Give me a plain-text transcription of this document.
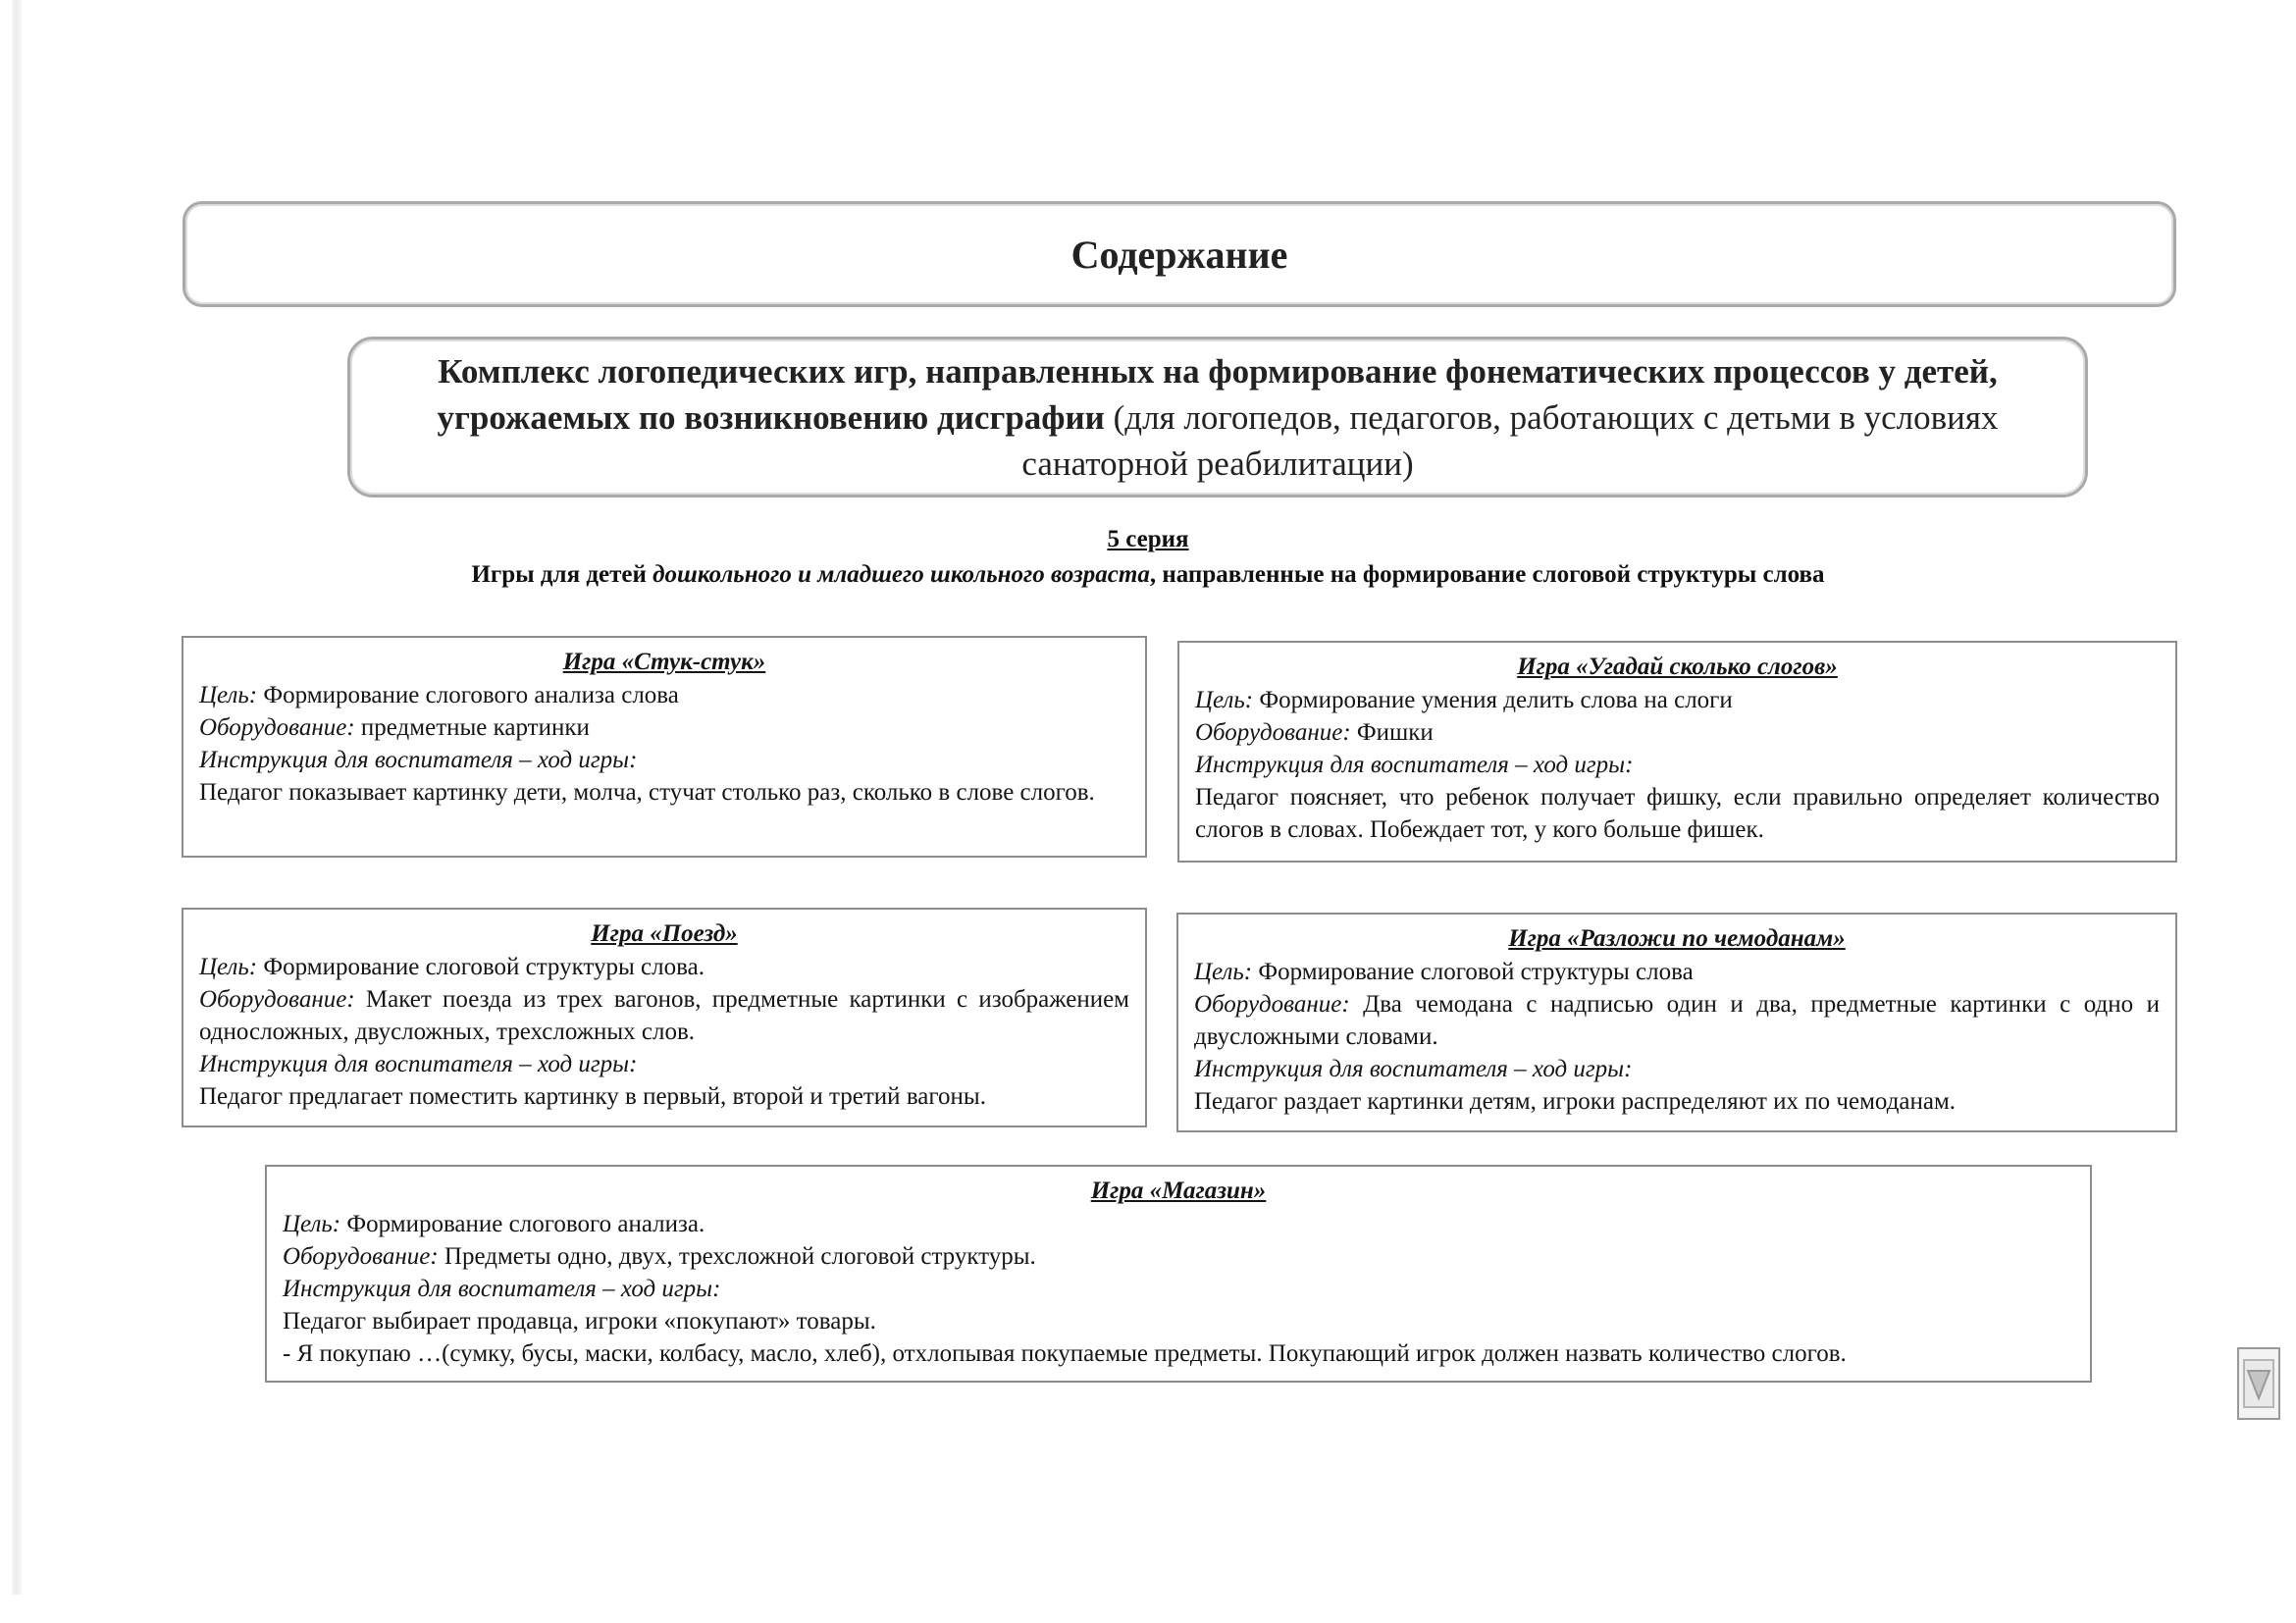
Содержание

Комплекс логопедических игр, направленных на формирование фонематических процессов у детей, угрожаемых по возникновению дисграфии (для логопедов, педагогов, работающих с детьми в условиях санаторной реабилитации)

5 серия
Игры для детей дошкольного и младшего школьного возраста, направленные на формирование слоговой структуры слова
Игра «Стук-стук»

Цель: Формирование слогового анализа слова

Оборудование: предметные картинки

Инструкция для воспитателя – ход игры:

Педагог показывает картинку дети, молча, стучат столько раз, сколько в слове слогов.

Игра «Угадай сколько слогов»

Цель: Формирование умения делить слова на слоги

Оборудование: Фишки

Инструкция для воспитателя – ход игры:

Педагог поясняет, что ребенок получает фишку, если правильно определяет количество слогов в словах. Побеждает тот, у кого больше фишек.

Игра «Поезд»

Цель: Формирование слоговой структуры слова.

Оборудование: Макет поезда из трех вагонов, предметные картинки с изображением односложных, двусложных, трехсложных слов.

Инструкция для воспитателя – ход игры:

Педагог предлагает поместить картинку в первый, второй и третий вагоны.

Игра «Разложи по чемоданам»

Цель: Формирование слоговой структуры слова

Оборудование: Два чемодана с надписью один и два, предметные картинки с одно и двусложными словами.

Инструкция для воспитателя – ход игры:

Педагог раздает картинки детям, игроки распределяют их по чемоданам.

Игра «Магазин»

Цель: Формирование слогового анализа.

Оборудование: Предметы одно, двух, трехсложной слоговой структуры.

Инструкция для воспитателя – ход игры:

Педагог выбирает продавца, игроки «покупают» товары.

- Я покупаю …(сумку, бусы, маски, колбасу, масло, хлеб), отхлопывая покупаемые предметы. Покупающий игрок должен назвать количество слогов.
